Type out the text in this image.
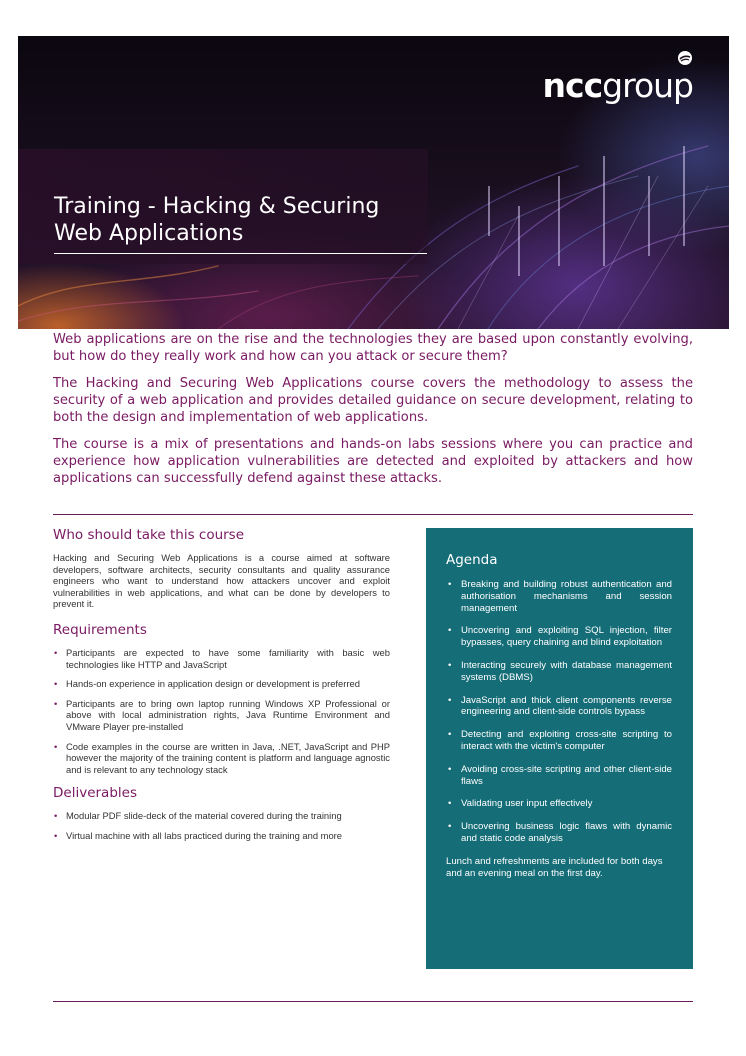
nccgroup
Training - Hacking & Securing
Web Applications

Web applications are on the rise and the technologies they are based upon constantly evolving, but how do they really work and how can you attack or secure them?

The Hacking and Securing Web Applications course covers the methodology to assess the security of a web application and provides detailed guidance on secure development, relating to both the design and implementation of web applications.

The course is a mix of presentations and hands-on labs sessions where you can practice and experience how application vulnerabilities are detected and exploited by attackers and how applications can successfully defend against these attacks.

Who should take this course

Hacking and Securing Web Applications is a course aimed at software developers, software architects, security consultants and quality assurance engineers who want to understand how attackers uncover and exploit vulnerabilities in web applications, and what can be done by developers to prevent it.

Requirements
• Participants are expected to have some familiarity with basic web technologies like HTTP and JavaScript
• Hands-on experience in application design or development is preferred
• Participants are to bring own laptop running Windows XP Professional or above with local administration rights, Java Runtime Environment and VMware Player pre-installed
• Code examples in the course are written in Java, .NET, JavaScript and PHP however the majority of the training content is platform and language agnostic and is relevant to any technology stack
Deliverables
• Modular PDF slide-deck of the material covered during the training
• Virtual machine with all labs practiced during the training and more
Agenda
• Breaking and building robust authentication and authorisation mechanisms and session management
• Uncovering and exploiting SQL injection, filter bypasses, query chaining and blind exploitation
• Interacting securely with database management systems (DBMS)
• JavaScript and thick client components reverse engineering and client-side controls bypass
• Detecting and exploiting cross-site scripting to interact with the victim's computer
• Avoiding cross-site scripting and other client-side flaws
• Validating user input effectively
• Uncovering business logic flaws with dynamic and static code analysis

Lunch and refreshments are included for both days and an evening meal on the first day.
